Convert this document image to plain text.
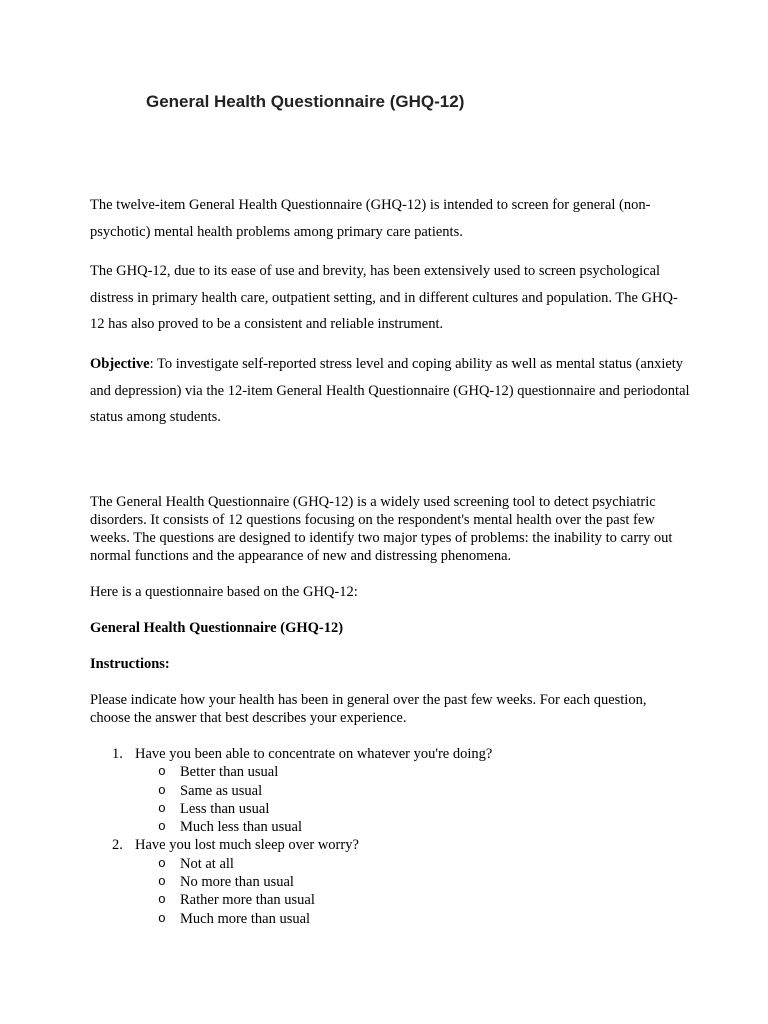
General Health Questionnaire (GHQ-12)

The twelve-item General Health Questionnaire (GHQ-12) is intended to screen for general (non-psychotic) mental health problems among primary care patients.

The GHQ-12, due to its ease of use and brevity, has been extensively used to screen psychological distress in primary health care, outpatient setting, and in different cultures and population. The GHQ-12 has also proved to be a consistent and reliable instrument.

Objective: To investigate self-reported stress level and coping ability as well as mental status (anxiety and depression) via the 12-item General Health Questionnaire (GHQ-12) questionnaire and periodontal status among students.

The General Health Questionnaire (GHQ-12) is a widely used screening tool to detect psychiatric disorders. It consists of 12 questions focusing on the respondent's mental health over the past few weeks. The questions are designed to identify two major types of problems: the inability to carry out normal functions and the appearance of new and distressing phenomena.

Here is a questionnaire based on the GHQ-12:

General Health Questionnaire (GHQ-12)

Instructions:

Please indicate how your health has been in general over the past few weeks. For each question, choose the answer that best describes your experience.

1. Have you been able to concentrate on whatever you're doing?
o Better than usual
o Same as usual
o Less than usual
o Much less than usual
2. Have you lost much sleep over worry?
o Not at all
o No more than usual
o Rather more than usual
o Much more than usual
